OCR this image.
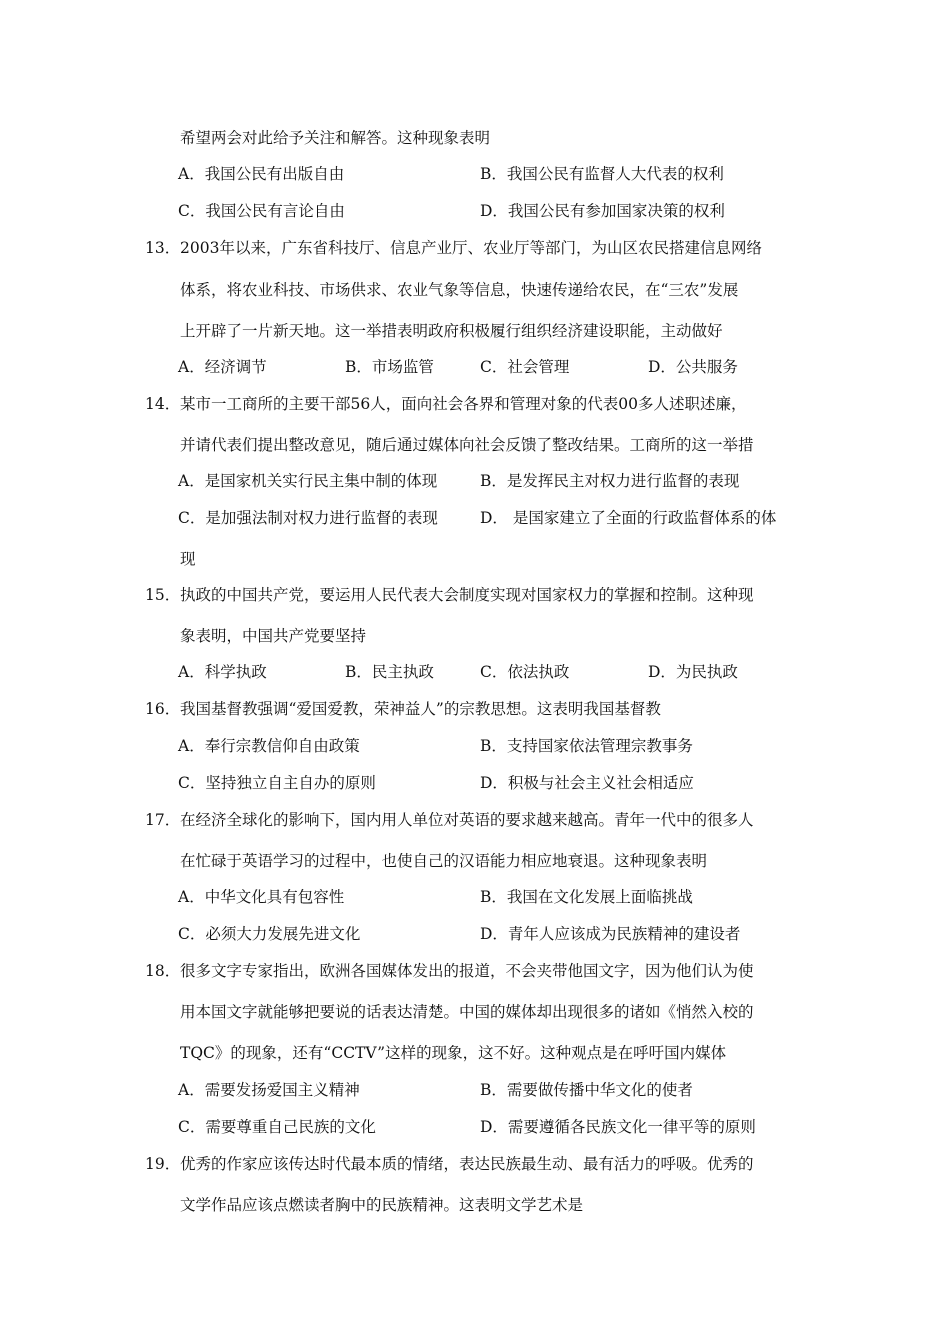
希望两会对此给予关注和解答。这种现象表明
A．我国公民有出版自由	B．我国公民有监督人大代表的权利
C．我国公民有言论自由	D．我国公民有参加国家决策的权利
13． 2003年以来，广东省科技厅、信息产业厅、农业厅等部门，为山区农民搭建信息网络
体系，将农业科技、市场供求、农业气象等信息，快速传递给农民，在“三农”发展
上开辟了一片新天地。这一举措表明政府积极履行组织经济建设职能，主动做好
A．经济调节	B．市场监管	C．社会管理	D．公共服务
14． 某市一工商所的主要干部56人，面向社会各界和管理对象的代表00多人述职述廉，
并请代表们提出整改意见，随后通过媒体向社会反馈了整改结果。工商所的这一举措
A．是国家机关实行民主集中制的体现	B．是发挥民主对权力进行监督的表现
C．是加强法制对权力进行监督的表现	D． 是国家建立了全面的行政监督体系的体
现
15． 执政的中国共产党，要运用人民代表大会制度实现对国家权力的掌握和控制。这种现
象表明，中国共产党要坚持
A．科学执政	B．民主执政	C．依法执政	D．为民执政
16． 我国基督教强调“爱国爱教，荣神益人”的宗教思想。这表明我国基督教
A．奉行宗教信仰自由政策	B．支持国家依法管理宗教事务
C．坚持独立自主自办的原则	D．积极与社会主义社会相适应
17． 在经济全球化的影响下，国内用人单位对英语的要求越来越高。青年一代中的很多人
在忙碌于英语学习的过程中，也使自己的汉语能力相应地衰退。这种现象表明
A．中华文化具有包容性	B．我国在文化发展上面临挑战
C．必须大力发展先进文化	D．青年人应该成为民族精神的建设者
18． 很多文字专家指出，欧洲各国媒体发出的报道，不会夹带他国文字，因为他们认为使
用本国文字就能够把要说的话表达清楚。中国的媒体却出现很多的诸如《悄然入校的
TQC》的现象，还有“CCTV”这样的现象，这不好。这种观点是在呼吁国内媒体
A．需要发扬爱国主义精神	B．需要做传播中华文化的使者
C．需要尊重自己民族的文化	D．需要遵循各民族文化一律平等的原则
19． 优秀的作家应该传达时代最本质的情绪，表达民族最生动、最有活力的呼吸。优秀的
文学作品应该点燃读者胸中的民族精神。这表明文学艺术是
